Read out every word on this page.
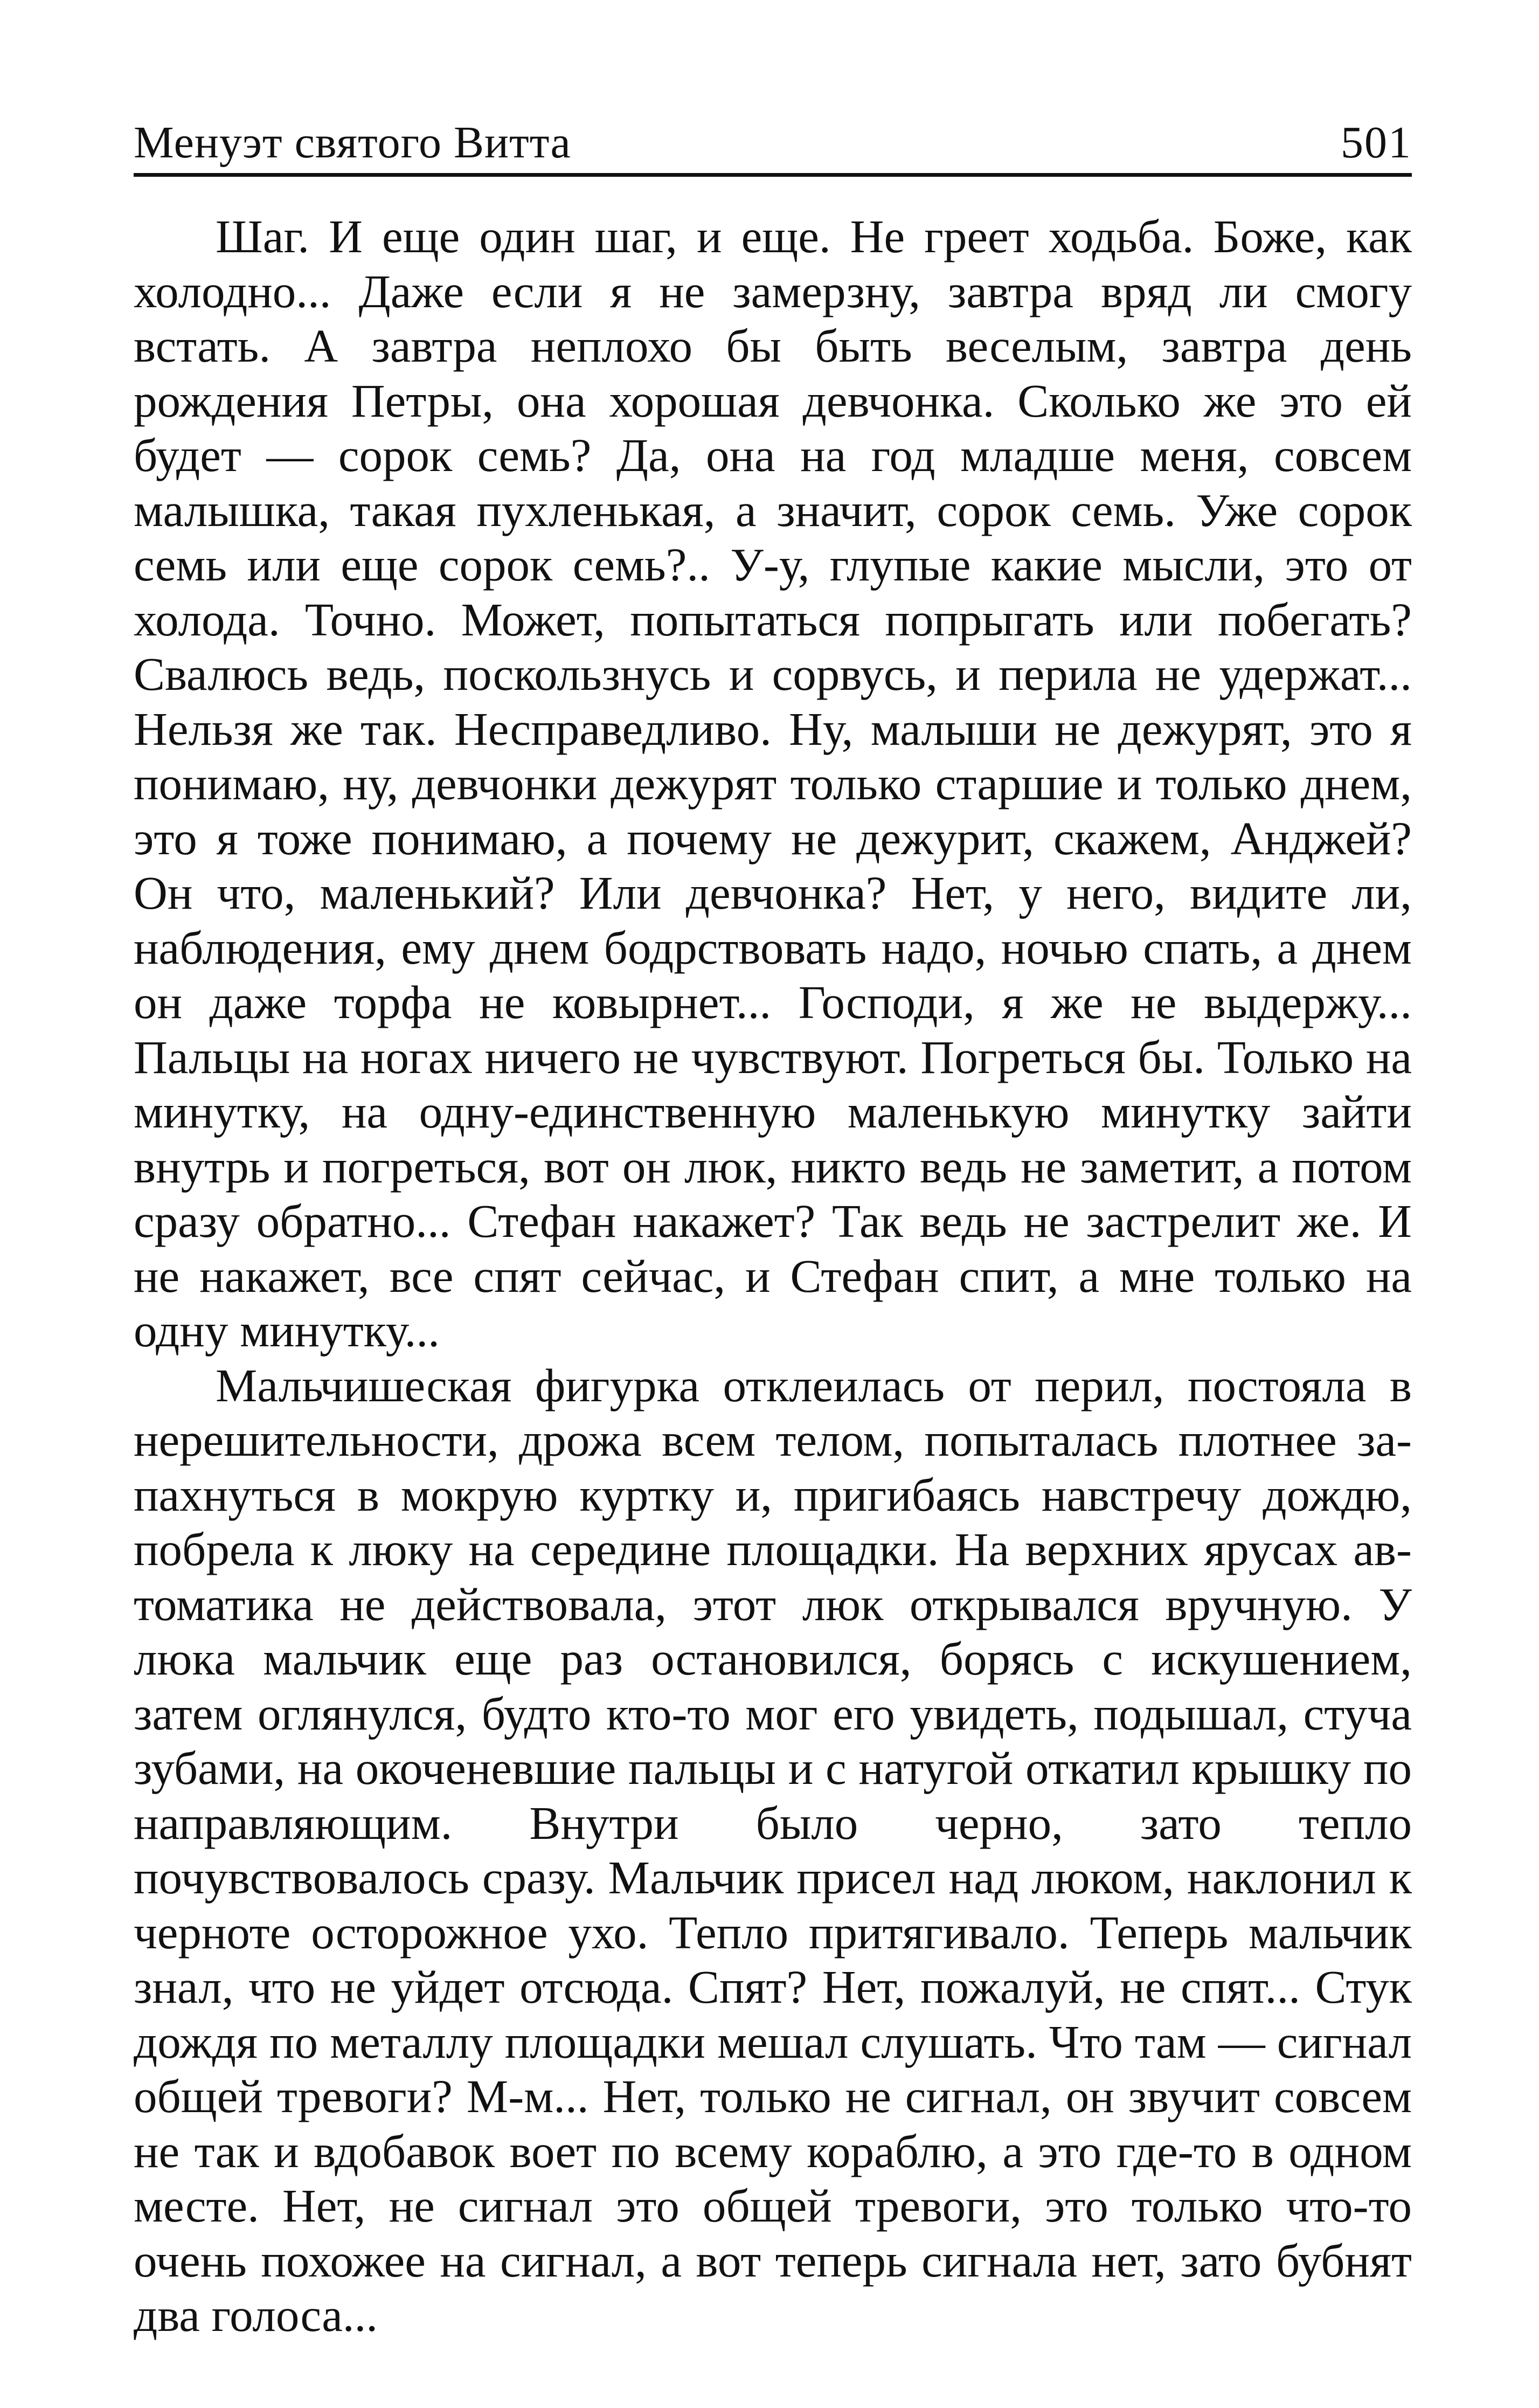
Менуэт святого Витта	501

Шаг. И еще один шаг, и еще. Не греет ходьба. Боже, как холодно... Даже если я не замерзну, завтра вряд ли смогу встать. А завтра неплохо бы быть веселым, завтра день рождения Петры, она хорошая девчонка. Сколько же это ей будет — сорок семь? Да, она на год младше меня, совсем малышка, такая пухленькая, а значит, сорок семь. Уже сорок семь или еще сорок семь?.. У-у, глупые какие мысли, это от холода. Точно. Может, попытаться попрыгать или побегать? Свалюсь ведь, поскользнусь и сорвусь, и перила не удержат... Нельзя же так. Несправедливо. Ну, малыши не дежурят, это я понимаю, ну, девчонки дежурят только старшие и только днем, это я тоже понимаю, а почему не дежурит, скажем, Анджей? Он что, маленький? Или девчонка? Нет, у него, видите ли, наблюдения, ему днем бодрствовать надо, ночью спать, а днем он даже торфа не ковырнет... Господи, я же не выдержу... Пальцы на ногах ничего не чувствуют. Погреться бы. Только на минутку, на одну-единственную маленькую минутку зайти внутрь и погреться, вот он люк, никто ведь не заметит, а потом сразу обратно... Стефан накажет? Так ведь не застрелит же. И не накажет, все спят сейчас, и Стефан спит, а мне только на одну минутку...

Мальчишеская фигурка отклеилась от перил, постояла в нерешительности, дрожа всем телом, попыталась плотнее запахнуться в мокрую куртку и, пригибаясь навстречу дождю, побрела к люку на середине площадки. На верхних ярусах автоматика не действовала, этот люк открывался вручную. У люка мальчик еще раз остановился, борясь с искушением, затем оглянулся, будто кто-то мог его увидеть, подышал, стуча зубами, на окоченевшие пальцы и с натугой откатил крышку по направляющим. Внутри было черно, зато тепло почувствовалось сразу. Мальчик присел над люком, наклонил к черноте осторожное ухо. Тепло притягивало. Теперь мальчик знал, что не уйдет отсюда. Спят? Нет, пожалуй, не спят... Стук дождя по металлу площадки мешал слушать. Что там — сигнал общей тревоги? М-м... Нет, только не сигнал, он звучит совсем не так и вдобавок воет по всему кораблю, а это где-то в одном месте. Нет, не сигнал это общей тревоги, это только что-то очень похожее на сигнал, а вот теперь сигнала нет, зато бубнят два голоса...
